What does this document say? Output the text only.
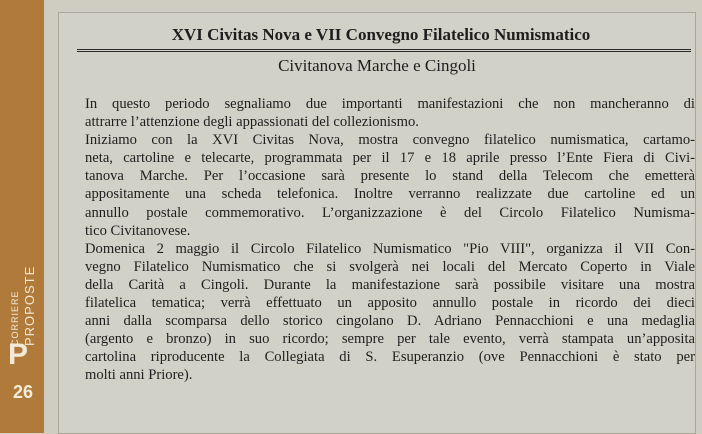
CORRIERE PROPOSTE
P
26
XVI Civitas Nova e VII Convegno Filatelico Numismatico
Civitanova Marche e Cingoli
In questo periodo segnaliamo due importanti manifestazioni che non mancheranno di
attrarre l’attenzione degli appassionati del collezionismo.
Iniziamo con la XVI Civitas Nova, mostra convegno filatelico numismatica, cartamo-
neta, cartoline e telecarte, programmata per il 17 e 18 aprile presso l’Ente Fiera di Civi-
tanova Marche. Per l’occasione sarà presente lo stand della Telecom che emetterà
appositamente una scheda telefonica. Inoltre verranno realizzate due cartoline ed un
annullo postale commemorativo. L’organizzazione è del Circolo Filatelico Numisma-
tico Civitanovese.
Domenica 2 maggio il Circolo Filatelico Numismatico "Pio VIII", organizza il VII Con-
vegno Filatelico Numismatico che si svolgerà nei locali del Mercato Coperto in Viale
della Carità a Cingoli. Durante la manifestazione sarà possibile visitare una mostra
filatelica tematica; verrà effettuato un apposito annullo postale in ricordo dei dieci
anni dalla scomparsa dello storico cingolano D. Adriano Pennacchioni e una medaglia
(argento e bronzo) in suo ricordo; sempre per tale evento, verrà stampata un’apposita
cartolina riproducente la Collegiata di S. Esuperanzio (ove Pennacchioni è stato per
molti anni Priore).
